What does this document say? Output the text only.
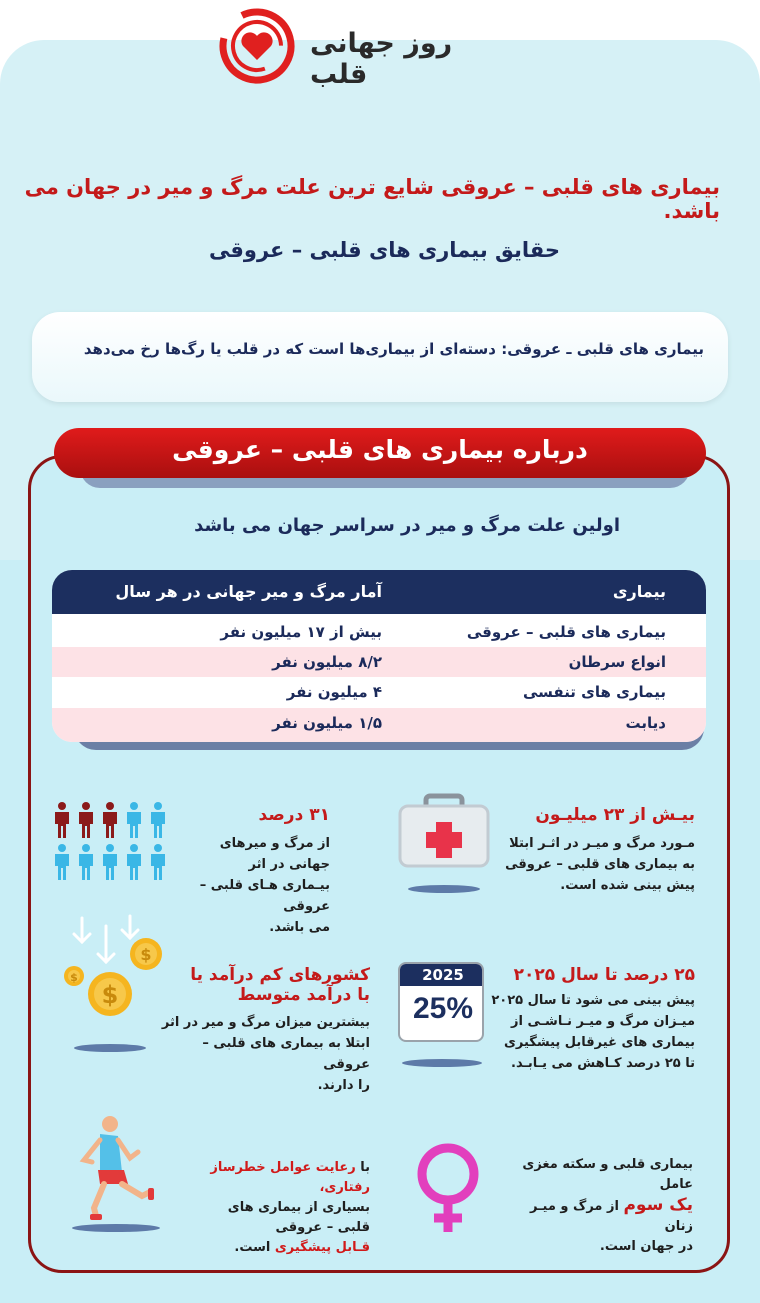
روز جهانی قلب
بیماری های قلبی – عروقی شایع ترین علت مرگ و میر در جهان می باشد.
حقایق بیماری های قلبی – عروقی
بیماری های قلبی ـ عروقی: دسته‌ای از بیماری‌ها است که در قلب یا رگ‌ها رخ می‌دهد
درباره بیماری های قلبی – عروقی
اولین علت مرگ و میر در سراسر جهان می باشد
بیماری
آمار مرگ و میر جهانی در هر سال
بیماری های قلبی – عروقی
بیش از ۱۷ میلیون نفر
انواع سرطان
۸/۲ میلیون نفر
بیماری های تنفسی
۴ میلیون نفر
دیابت
۱/۵ میلیون نفر
بیـش از ۲۳ میلیـون
مـورد مرگ و میـر در اثـر ابتلا
به بیماری های قلبی – عروقی
پیش بینی شده است.
۳۱ درصد
از مرگ و میرهای جهانی در اثر
بیـماری هـای قلبی – عروقی
می باشد.
۲۵ درصد تا سال ۲۰۲۵
پیش بینی می شود تا سال ۲۰۲۵
میـزان مرگ و میـر نـاشـی از
بیماری های غیرقابل پیشگیری
تا ۲۵ درصد کـاهش می یـابـد.
2025
25%
کشورهای کم درآمد یا
با درآمد متوسط
بیشترین میزان مرگ و میر در اثر
ابتلا به بیماری های قلبی – عروقی
را دارند.
$
$
$
بیماری قلبی و سکته مغزی عامل
یک سوم از مرگ و میـر زنان
در جهان است.
با رعایت عوامل خطرساز رفتاری،
بسیاری از بیماری های
قلبی – عروقی
قـابل پیشگیری است.
